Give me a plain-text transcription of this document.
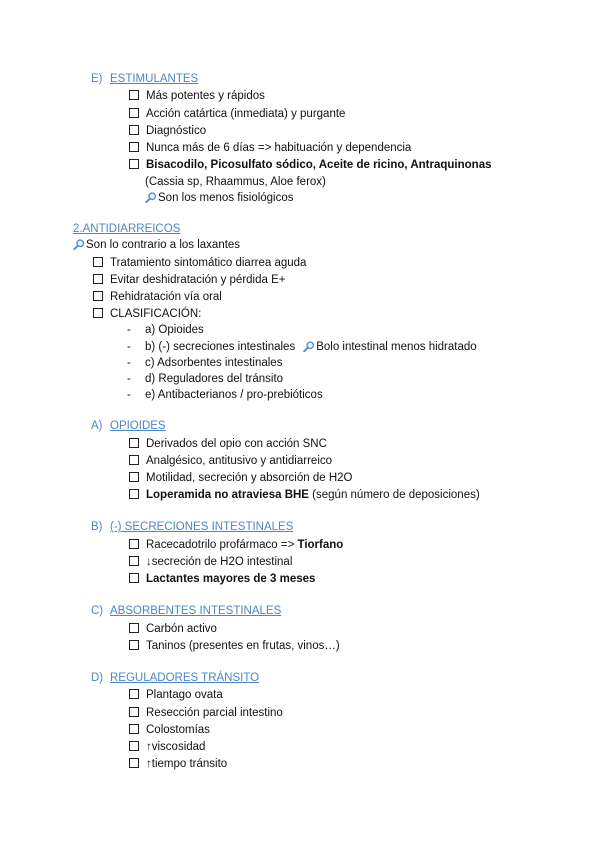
E) ESTIMULANTES
Más potentes y rápidos
Acción catártica (inmediata) y purgante
Diagnóstico
Nunca más de 6 días => habituación y dependencia
Bisacodilo, Picosulfato sódico, Aceite de ricino, Antraquinonas
(Cassia sp, Rhaammus, Aloe ferox)
Son los menos fisiológicos
2.ANTIDIARREICOS
Son lo contrario a los laxantes
Tratamiento sintomático diarrea aguda
Evitar deshidratación y pérdida E+
Rehidratación vía oral
CLASIFICACIÓN:
- a) Opioides
- b) (-) secreciones intestinales Bolo intestinal menos hidratado
- c) Adsorbentes intestinales
- d) Reguladores del tránsito
- e) Antibacterianos / pro-prebióticos
A) OPIOIDES
Derivados del opio con acción SNC
Analgésico, antitusivo y antidiarreico
Motilidad, secreción y absorción de H2O
Loperamida no atraviesa BHE (según número de deposiciones)
B) (-) SECRECIONES INTESTINALES
Racecadotrilo profármaco => Tiorfano
↓secreción de H2O intestinal
Lactantes mayores de 3 meses
C) ABSORBENTES INTESTINALES
Carbón activo
Taninos (presentes en frutas, vinos…)
D) REGULADORES TRÁNSITO
Plantago ovata
Resección parcial intestino
Colostomías
↑viscosidad
↑tiempo tránsito
